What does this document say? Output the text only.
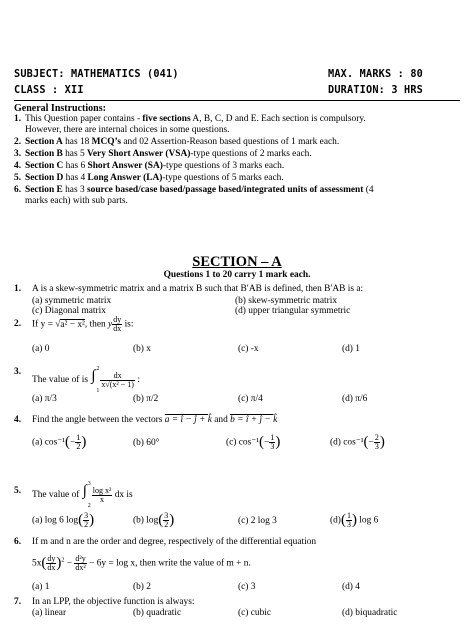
SUBJECT: MATHEMATICS (041)	MAX. MARKS : 80
CLASS : XII	DURATION: 3 HRS
General Instructions:
1. This Question paper contains - five sections A, B, C, D and E. Each section is compulsory.
However, there are internal choices in some questions.
2. Section A has 18 MCQ’s and 02 Assertion-Reason based questions of 1 mark each.
3. Section B has 5 Very Short Answer (VSA)-type questions of 2 marks each.
4. Section C has 6 Short Answer (SA)-type questions of 3 marks each.
5. Section D has 4 Long Answer (LA)-type questions of 5 marks each.
6. Section E has 3 source based/case based/passage based/integrated units of assessment (4
marks each) with sub parts.
SECTION – A
Questions 1 to 20 carry 1 mark each.
1. A is a skew-symmetric matrix and a matrix B such that B′AB is defined, then B′AB is a:
(a) symmetric matrix	(b) skew-symmetric matrix
(c) Diagonal matrix	(d) upper triangular symmetric
2. If y = √a² − x², then y $\frac{dy}{dx}$ is:
(a) 0	(b) x	(c) -x	(d) 1
3.
The value of is ∫ 2
1
$\frac{dx}{\text{x√(x² − 1)}}$ :
(a) π/3	(b) π/2	(c) π/4	(d) π/6
4. Find the angle between the vectors a = î − ĵ + k̂ and b = î + ĵ − k̂
(a) $\cos^{-1}(- \frac{1}{2}$ )	(b) 60°	(c) $\cos^{-1}(- \frac{1}{3}$ )	(d) $\cos^{-1}(- \frac{2}{3}$ )
5. The value of ∫ 3
2
$\frac{\text{log x²}}{x}$ dx is
(a) log 6 $\log( \frac{3}{2}$ )	(b) $\log( \frac{3}{2}$ )	(c) 2 log 3	$(d)( \frac{1}{3}$ ) log 6
6. If m and n are the order and degree, respectively of the differential equation
$5x( \frac{dy}{dx} )^2 - \frac{\text{d²y}}{\text{dx²}} - 6y = \log x$, then write the value of m + n.
(a) 1	(b) 2	(c) 3	(d) 4
7. In an LPP, the objective function is always:
(a) linear	(b) quadratic	(c) cubic	(d) biquadratic
